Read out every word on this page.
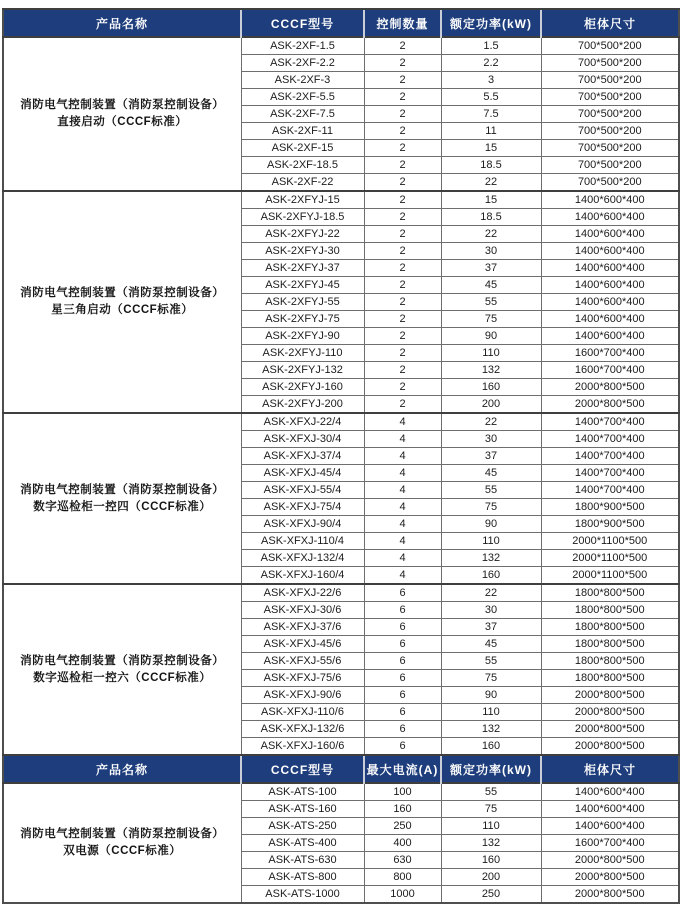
产品名称	CCCF型号	控制数量	额定功率(kW)	柜体尺寸

消防电气控制装置（消防泵控制设备）
直接启动（CCCF标准）	ASK-2XF-1.5	2	1.5	700*500*200
	ASK-2XF-2.2	2	2.2	700*500*200
	ASK-2XF-3	2	3	700*500*200
	ASK-2XF-5.5	2	5.5	700*500*200
	ASK-2XF-7.5	2	7.5	700*500*200
	ASK-2XF-11	2	11	700*500*200
	ASK-2XF-15	2	15	700*500*200
	ASK-2XF-18.5	2	18.5	700*500*200
	ASK-2XF-22	2	22	700*500*200

消防电气控制装置（消防泵控制设备）
星三角启动（CCCF标准）	ASK-2XFYJ-15	2	15	1400*600*400
	ASK-2XFYJ-18.5	2	18.5	1400*600*400
	ASK-2XFYJ-22	2	22	1400*600*400
	ASK-2XFYJ-30	2	30	1400*600*400
	ASK-2XFYJ-37	2	37	1400*600*400
	ASK-2XFYJ-45	2	45	1400*600*400
	ASK-2XFYJ-55	2	55	1400*600*400
	ASK-2XFYJ-75	2	75	1400*600*400
	ASK-2XFYJ-90	2	90	1400*600*400
	ASK-2XFYJ-110	2	110	1600*700*400
	ASK-2XFYJ-132	2	132	1600*700*400
	ASK-2XFYJ-160	2	160	2000*800*500
	ASK-2XFYJ-200	2	200	2000*800*500

消防电气控制装置（消防泵控制设备）
数字巡检柜一控四（CCCF标准）	ASK-XFXJ-22/4	4	22	1400*700*400
	ASK-XFXJ-30/4	4	30	1400*700*400
	ASK-XFXJ-37/4	4	37	1400*700*400
	ASK-XFXJ-45/4	4	45	1400*700*400
	ASK-XFXJ-55/4	4	55	1400*700*400
	ASK-XFXJ-75/4	4	75	1800*900*500
	ASK-XFXJ-90/4	4	90	1800*900*500
	ASK-XFXJ-110/4	4	110	2000*1100*500
	ASK-XFXJ-132/4	4	132	2000*1100*500
	ASK-XFXJ-160/4	4	160	2000*1100*500

消防电气控制装置（消防泵控制设备）
数字巡检柜一控六（CCCF标准）	ASK-XFXJ-22/6	6	22	1800*800*500
	ASK-XFXJ-30/6	6	30	1800*800*500
	ASK-XFXJ-37/6	6	37	1800*800*500
	ASK-XFXJ-45/6	6	45	1800*800*500
	ASK-XFXJ-55/6	6	55	1800*800*500
	ASK-XFXJ-75/6	6	75	1800*800*500
	ASK-XFXJ-90/6	6	90	2000*800*500
	ASK-XFXJ-110/6	6	110	2000*800*500
	ASK-XFXJ-132/6	6	132	2000*800*500
	ASK-XFXJ-160/6	6	160	2000*800*500
产品名称	CCCF型号	最大电流(A)	额定功率(kW)	柜体尺寸

消防电气控制装置（消防泵控制设备）
双电源（CCCF标准）	ASK-ATS-100	100	55	1400*600*400
	ASK-ATS-160	160	75	1400*600*400
	ASK-ATS-250	250	110	1400*600*400
	ASK-ATS-400	400	132	1600*700*400
	ASK-ATS-630	630	160	2000*800*500
	ASK-ATS-800	800	200	2000*800*500
	ASK-ATS-1000	1000	250	2000*800*500
